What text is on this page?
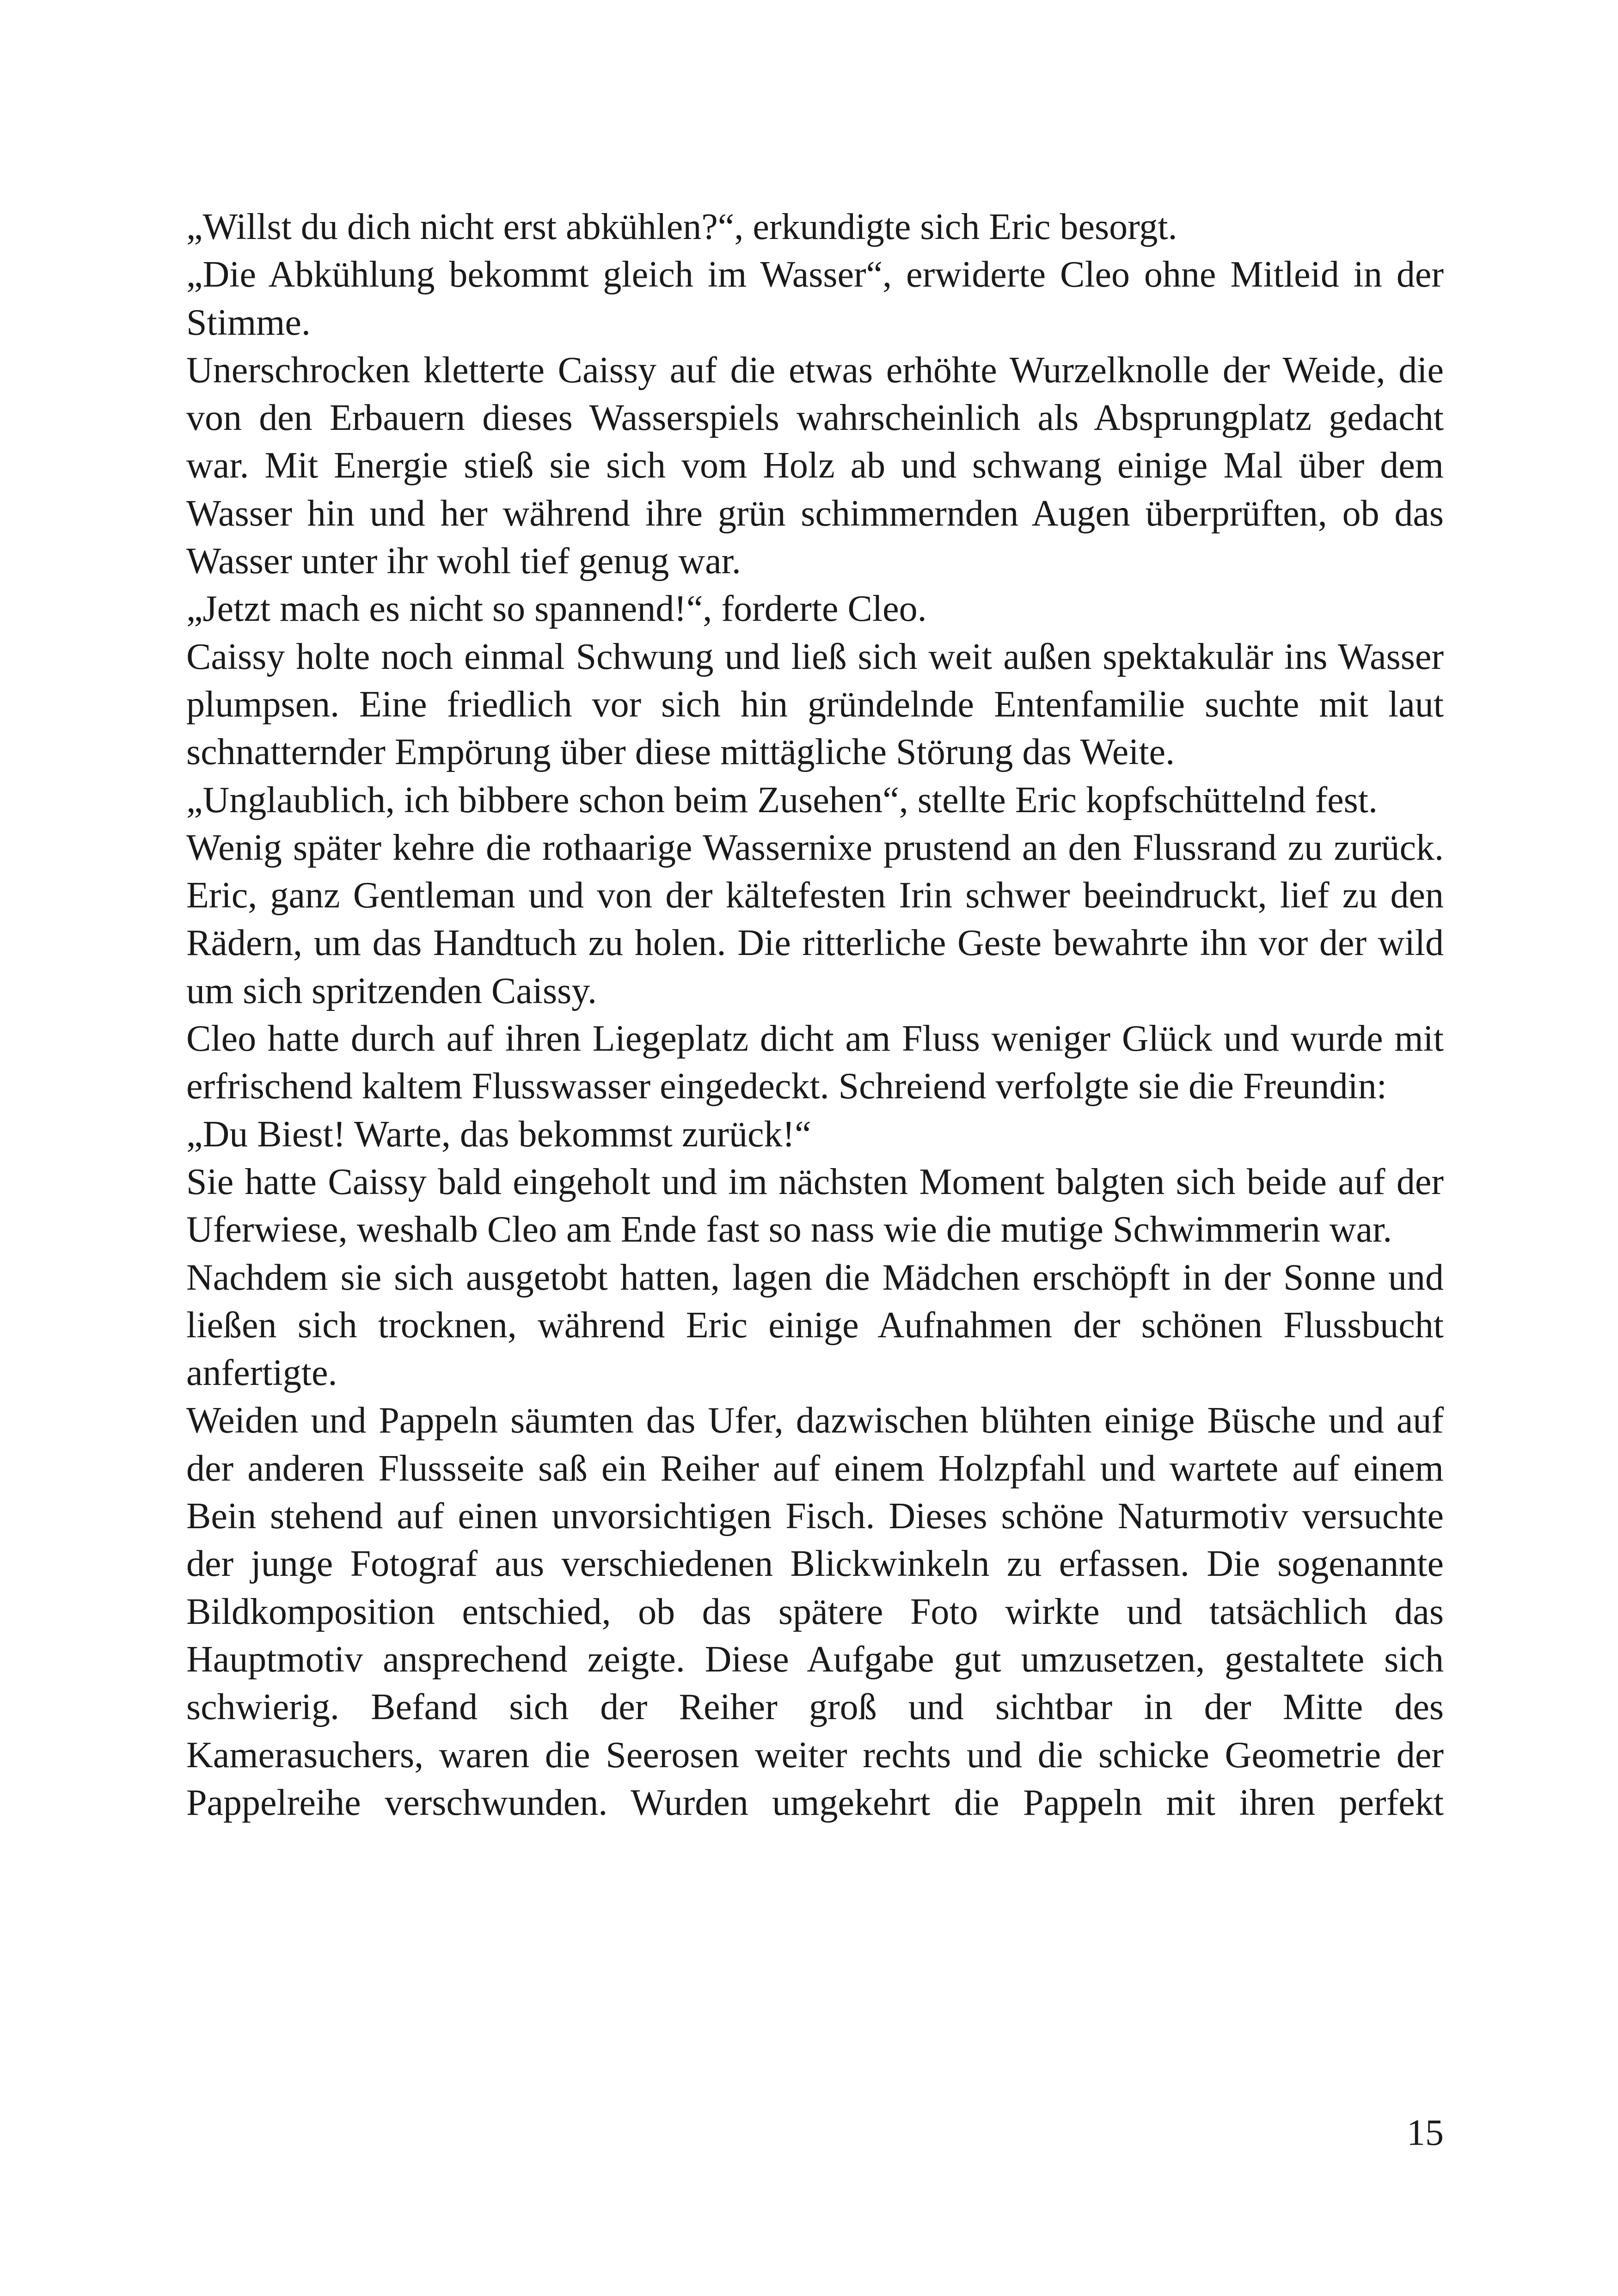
„Willst du dich nicht erst abkühlen?“, erkundigte sich Eric besorgt.

„Die Abkühlung bekommt gleich im Wasser“, erwiderte Cleo ohne Mitleid in der Stimme.

Unerschrocken kletterte Caissy auf die etwas erhöhte Wurzelknolle der Weide, die von den Erbauern dieses Wasserspiels wahrscheinlich als Absprungplatz gedacht war. Mit Energie stieß sie sich vom Holz ab und schwang einige Mal über dem Wasser hin und her während ihre grün schimmernden Augen überprüften, ob das Wasser unter ihr wohl tief genug war.

„Jetzt mach es nicht so spannend!“, forderte Cleo.

Caissy holte noch einmal Schwung und ließ sich weit außen spektakulär ins Wasser plumpsen. Eine friedlich vor sich hin gründelnde Entenfamilie suchte mit laut schnatternder Empörung über diese mittägliche Störung das Weite.

„Unglaublich, ich bibbere schon beim Zusehen“, stellte Eric kopfschüttelnd fest.

Wenig später kehre die rothaarige Wassernixe prustend an den Flussrand zu zurück. Eric, ganz Gentleman und von der kältefesten Irin schwer beeindruckt, lief zu den Rädern, um das Handtuch zu holen. Die ritterliche Geste bewahrte ihn vor der wild um sich spritzenden Caissy.

Cleo hatte durch auf ihren Liegeplatz dicht am Fluss weniger Glück und wurde mit erfrischend kaltem Flusswasser eingedeckt. Schreiend verfolgte sie die Freundin:

„Du Biest! Warte, das bekommst zurück!“

Sie hatte Caissy bald eingeholt und im nächsten Moment balgten sich beide auf der Uferwiese, weshalb Cleo am Ende fast so nass wie die mutige Schwimmerin war.

Nachdem sie sich ausgetobt hatten, lagen die Mädchen erschöpft in der Sonne und ließen sich trocknen, während Eric einige Aufnahmen der schönen Flussbucht anfertigte.

Weiden und Pappeln säumten das Ufer, dazwischen blühten einige Büsche und auf der anderen Flussseite saß ein Reiher auf einem Holzpfahl und wartete auf einem Bein stehend auf einen unvorsichtigen Fisch. Dieses schöne Naturmotiv versuchte der junge Fotograf aus verschiedenen Blickwinkeln zu erfassen. Die sogenannte Bildkomposition entschied, ob das spätere Foto wirkte und tatsächlich das Hauptmotiv ansprechend zeigte. Diese Aufgabe gut umzusetzen, gestaltete sich schwierig. Befand sich der Reiher groß und sichtbar in der Mitte des Kamerasuchers, waren die Seerosen weiter rechts und die schicke Geometrie der Pappelreihe verschwunden. Wurden umgekehrt die Pappeln mit ihren perfekt

15
